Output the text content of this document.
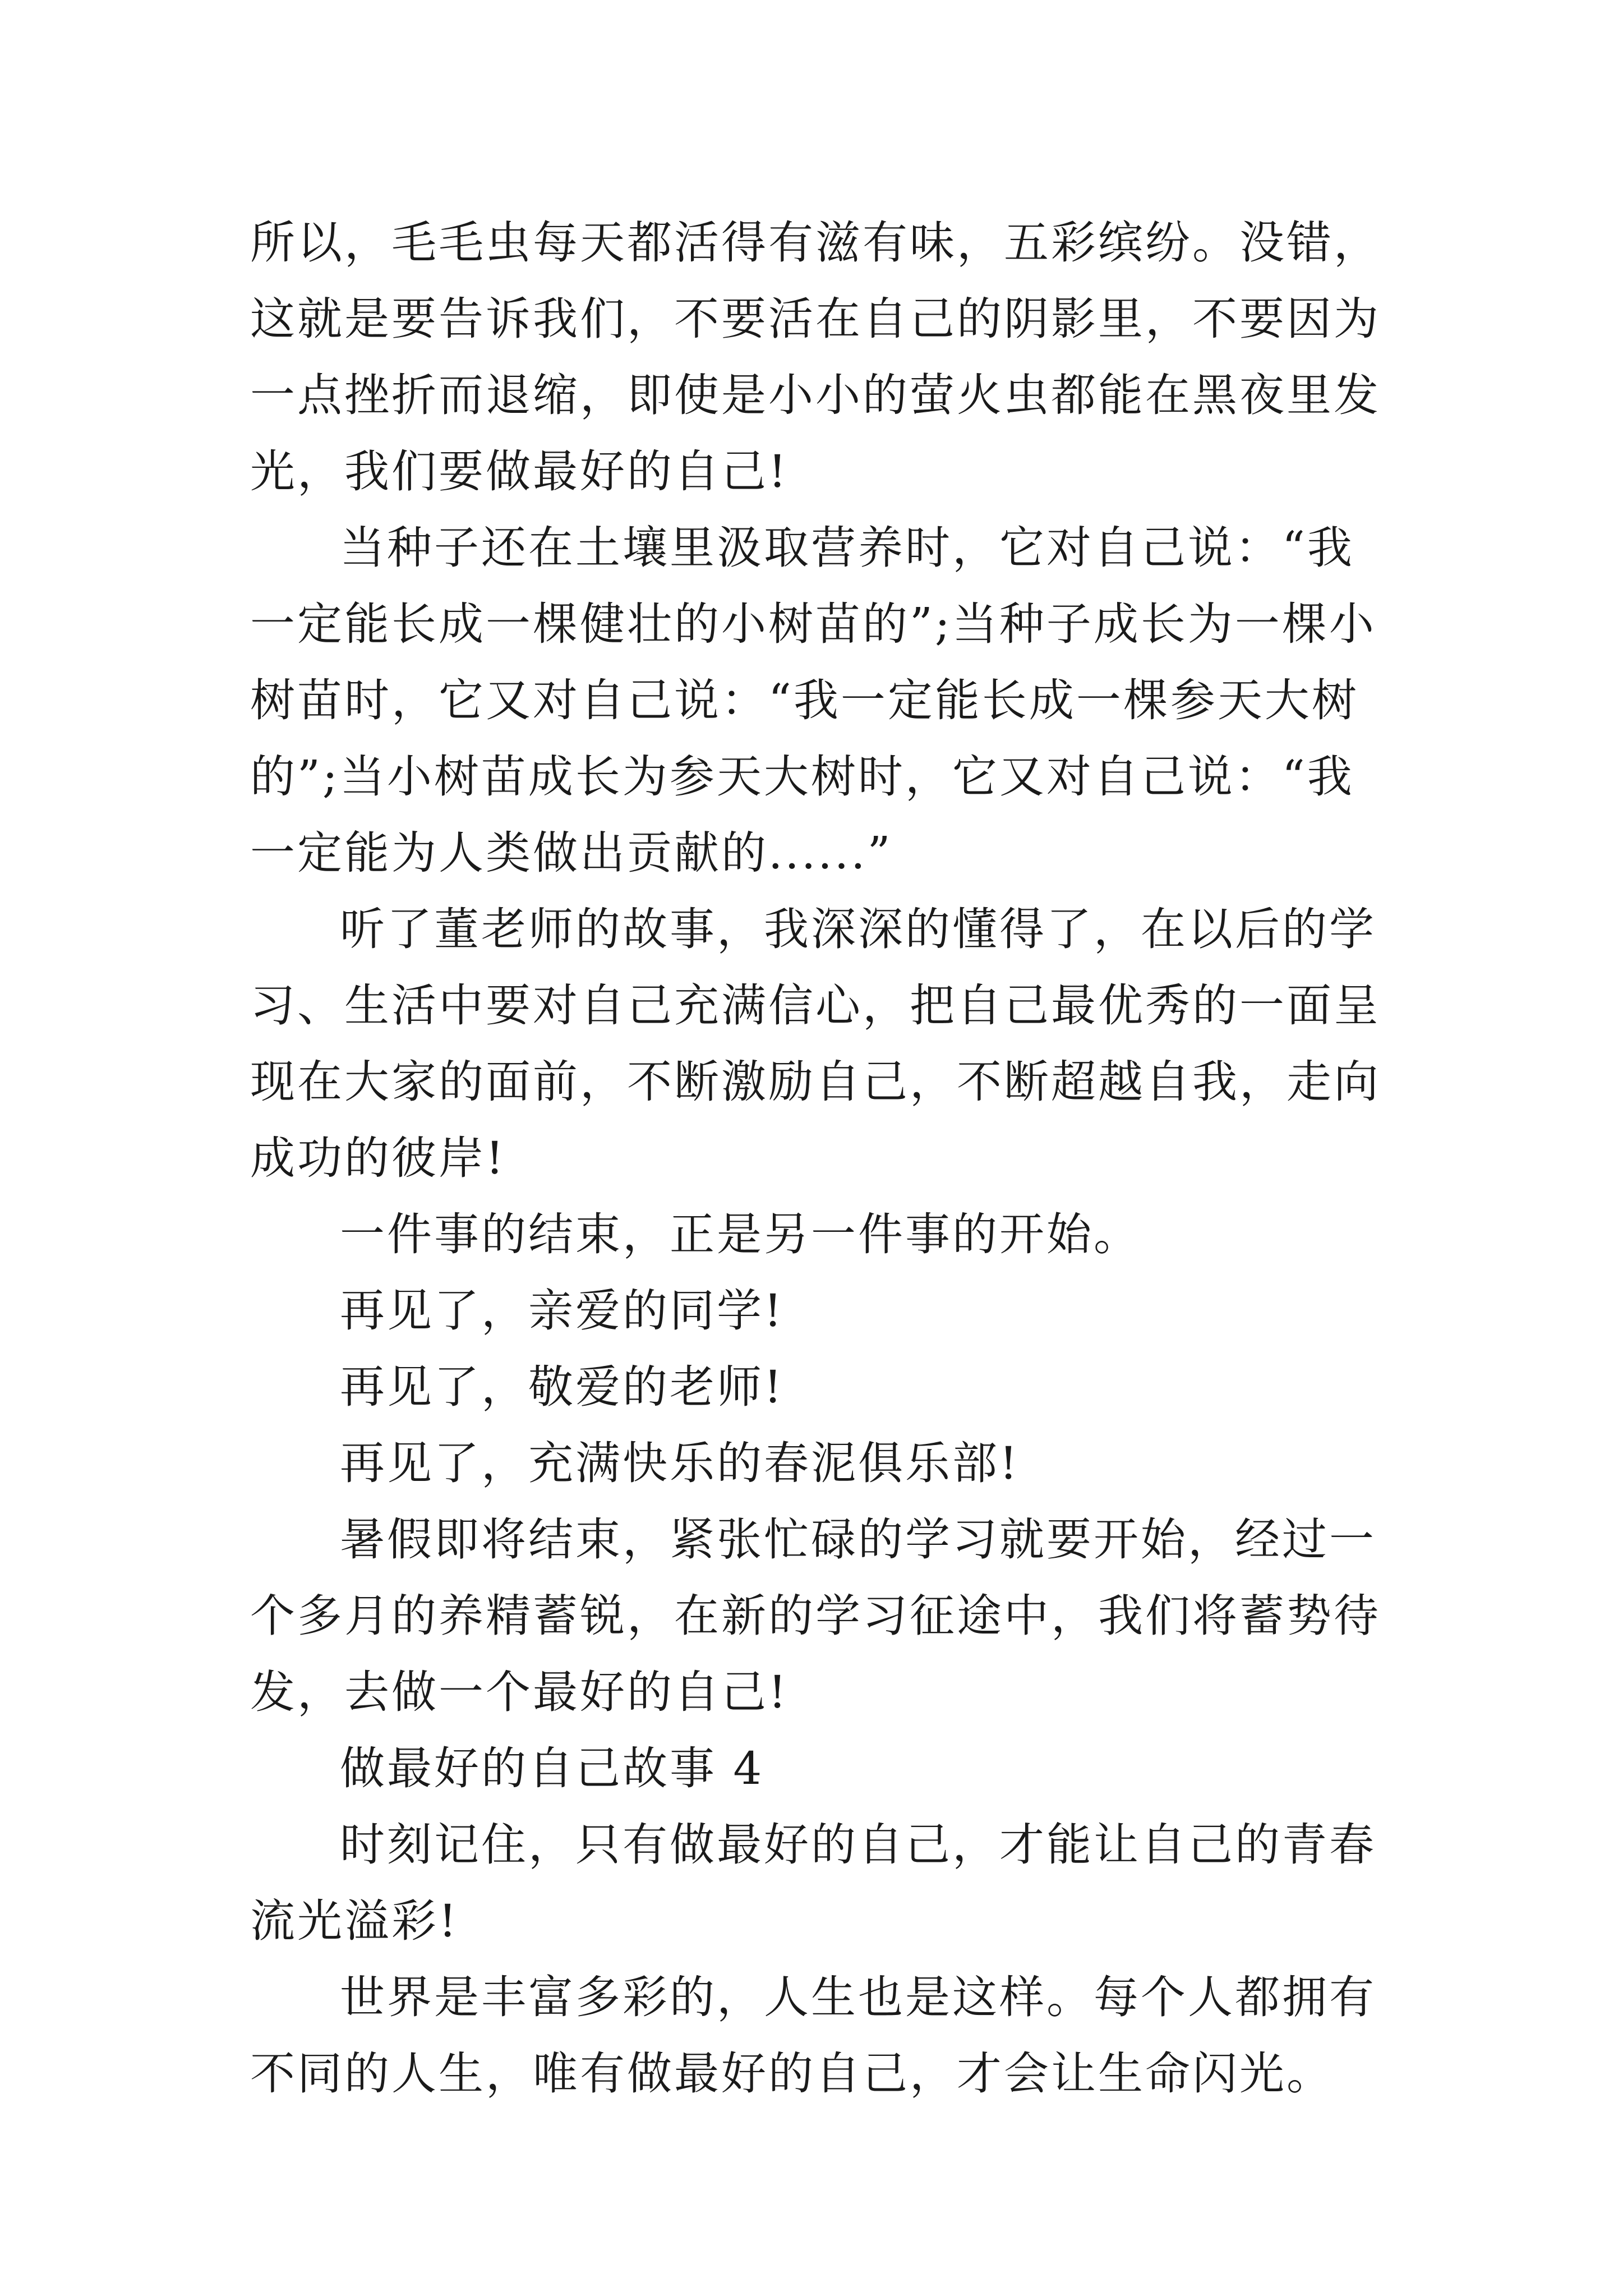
所以，毛毛虫每天都活得有滋有味，五彩缤纷。没错，这就是要告诉我们，不要活在自己的阴影里，不要因为一点挫折而退缩，即使是小小的萤火虫都能在黑夜里发光，我们要做最好的自己!

当种子还在土壤里汲取营养时，它对自己说：“我一定能长成一棵健壮的小树苗的”;当种子成长为一棵小树苗时，它又对自己说：“我一定能长成一棵参天大树的”;当小树苗成长为参天大树时，它又对自己说：“我一定能为人类做出贡献的......”

听了董老师的故事，我深深的懂得了，在以后的学习、生活中要对自己充满信心，把自己最优秀的一面呈现在大家的面前，不断激励自己，不断超越自我，走向成功的彼岸!

一件事的结束，正是另一件事的开始。

再见了，亲爱的同学!

再见了，敬爱的老师!

再见了，充满快乐的春泥俱乐部!

暑假即将结束，紧张忙碌的学习就要开始，经过一个多月的养精蓄锐，在新的学习征途中，我们将蓄势待发，去做一个最好的自己!

做最好的自己故事 4

时刻记住，只有做最好的自己，才能让自己的青春流光溢彩!

世界是丰富多彩的，人生也是这样。每个人都拥有不同的人生，唯有做最好的自己，才会让生命闪光。
